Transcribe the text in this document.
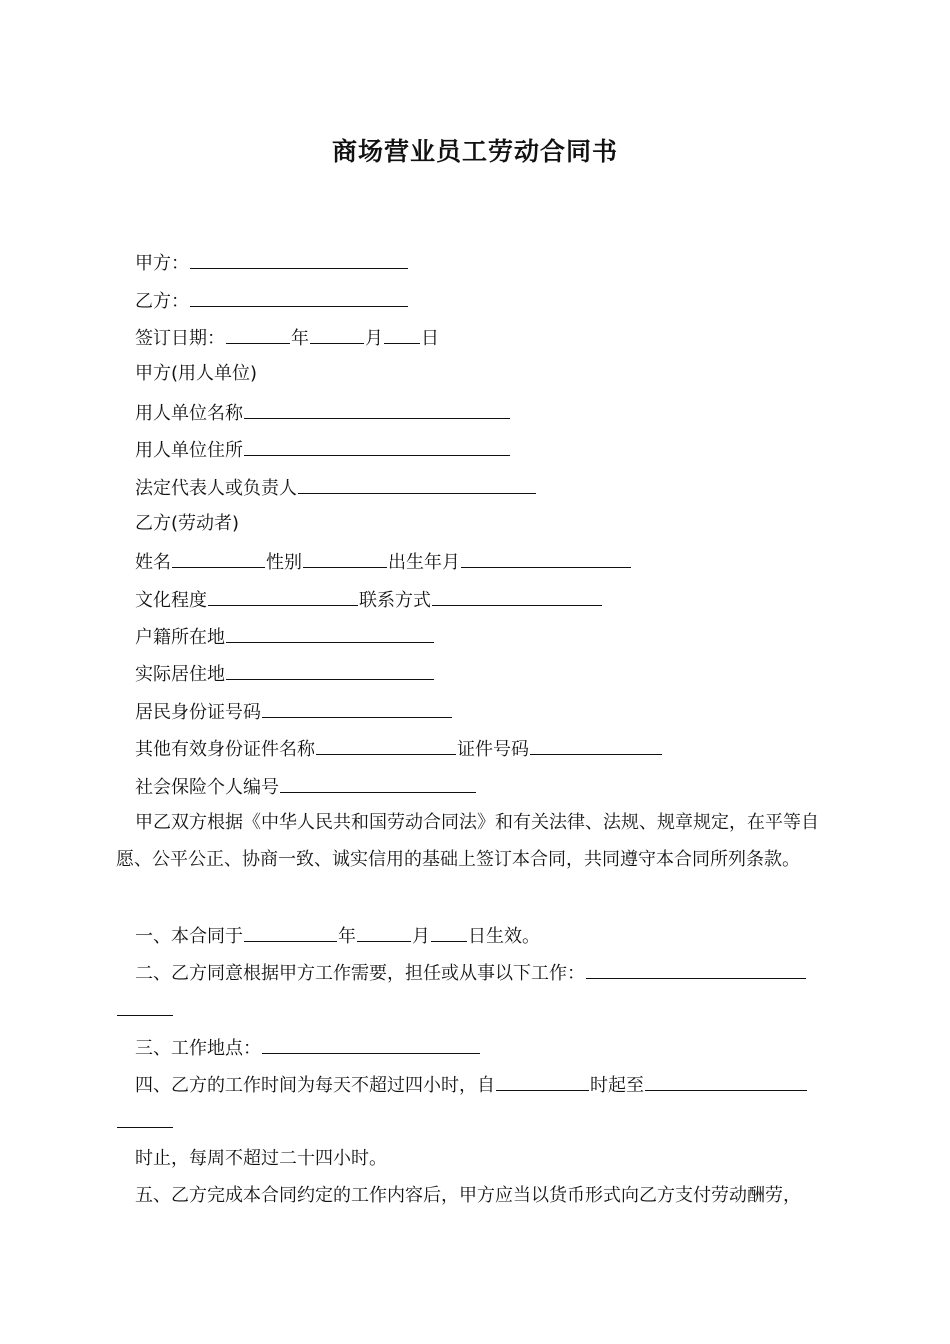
商场营业员工劳动合同书
甲方：
乙方：
签订日期：	年	月 日
甲方(用人单位)
用人单位名称
用人单位住所
法定代表人或负责人
乙方(劳动者)
姓名	性别	出生年月
文化程度	联系方式
户籍所在地
实际居住地
居民身份证号码
其他有效身份证件名称	证件号码
社会保险个人编号
甲乙双方根据《中华人民共和国劳动合同法》和有关法律、法规、规章规定，在平等自愿、公平公正、协商一致、诚实信用的基础上签订本合同，共同遵守本合同所列条款。
一、本合同于	年	月 日生效。
二、乙方同意根据甲方工作需要，担任或从事以下工作：
三、工作地点：
四、乙方的工作时间为每天不超过四小时，自	时起至
时止，每周不超过二十四小时。
五、乙方完成本合同约定的工作内容后，甲方应当以货币形式向乙方支付劳动酬劳，
